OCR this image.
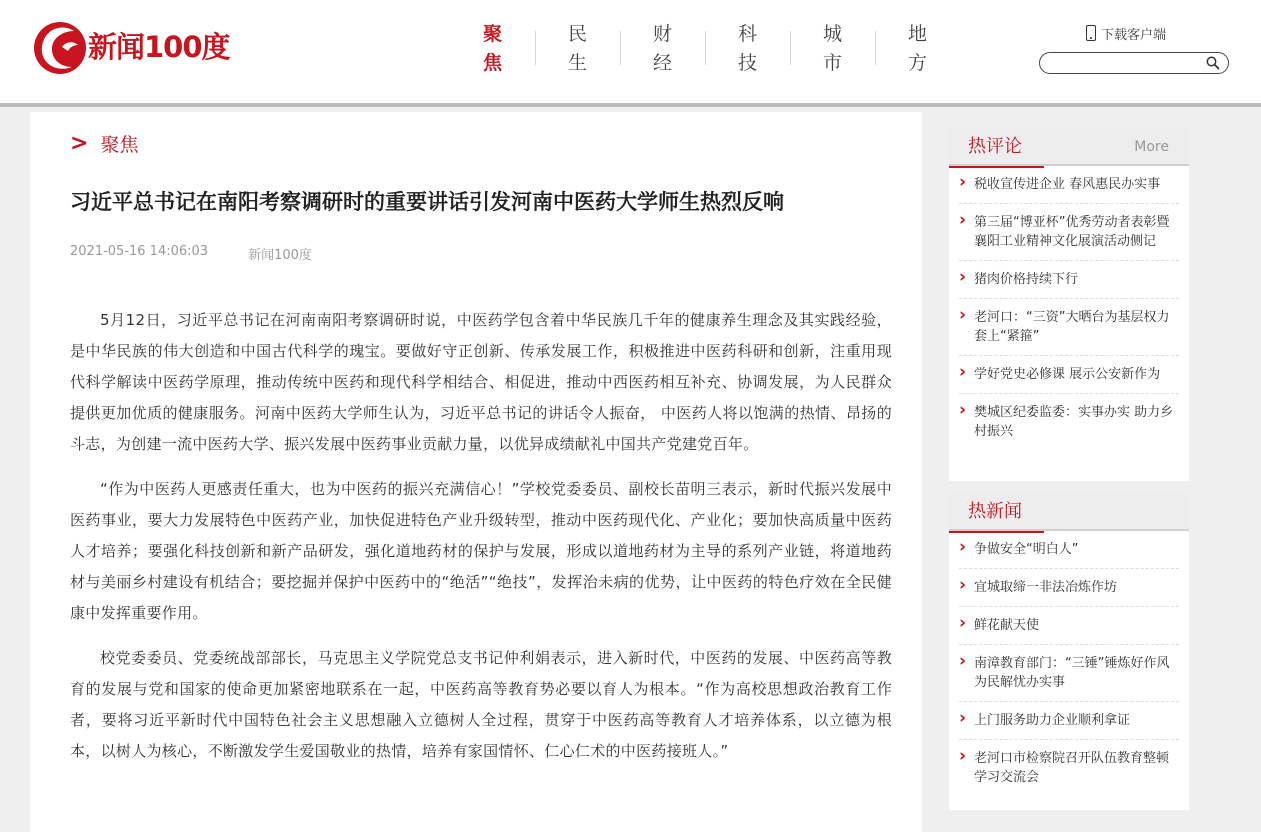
新闻100度	聚焦
民生
财经
科技
城市
地方
下载客户端
> 聚焦
习近平总书记在南阳考察调研时的重要讲话引发河南中医药大学师生热烈反响
2021-05-16 14:06:03	新闻100度

5月12日，习近平总书记在河南南阳考察调研时说，中医药学包含着中华民族几千年的健康养生理念及其实践经验，是中华民族的伟大创造和中国古代科学的瑰宝。要做好守正创新、传承发展工作，积极推进中医药科研和创新，注重用现代科学解读中医药学原理，推动传统中医药和现代科学相结合、相促进，推动中西医药相互补充、协调发展，为人民群众提供更加优质的健康服务。河南中医药大学师生认为，习近平总书记的讲话令人振奋， 中医药人将以饱满的热情、昂扬的斗志，为创建一流中医药大学、振兴发展中医药事业贡献力量，以优异成绩献礼中国共产党建党百年。

“作为中医药人更感责任重大，也为中医药的振兴充满信心！”学校党委委员、副校长苗明三表示，新时代振兴发展中医药事业，要大力发展特色中医药产业，加快促进特色产业升级转型，推动中医药现代化、产业化；要加快高质量中医药人才培养；要强化科技创新和新产品研发，强化道地药材的保护与发展，形成以道地药材为主导的系列产业链，将道地药材与美丽乡村建设有机结合；要挖掘并保护中医药中的“绝活”“绝技”，发挥治未病的优势，让中医药的特色疗效在全民健康中发挥重要作用。

校党委委员、党委统战部部长，马克思主义学院党总支书记仲利娟表示，进入新时代，中医药的发展、中医药高等教育的发展与党和国家的使命更加紧密地联系在一起，中医药高等教育势必要以育人为根本。“作为高校思想政治教育工作者，要将习近平新时代中国特色社会主义思想融入立德树人全过程，贯穿于中医药高等教育人才培养体系，以立德为根本，以树人为核心，不断激发学生爱国敬业的热情，培养有家国情怀、仁心仁术的中医药接班人。”

热评论	More
› 税收宣传进企业 春风惠民办实事
› 第三届“博亚杯”优秀劳动者表彰暨襄阳工业精神文化展演活动侧记
› 猪肉价格持续下行
› 老河口：“三资”大晒台为基层权力套上“紧箍”
› 学好党史必修课 展示公安新作为
› 樊城区纪委监委：实事办实 助力乡村振兴
热新闻
› 争做安全“明白人”
› 宜城取缔一非法冶炼作坊
› 鲜花献天使
› 南漳教育部门：“三锤”锤炼好作风 为民解忧办实事
› 上门服务助力企业顺利拿证
› 老河口市检察院召开队伍教育整顿学习交流会
